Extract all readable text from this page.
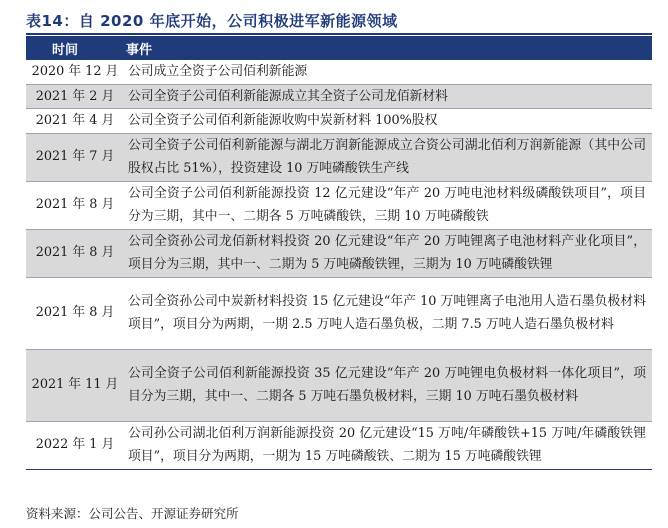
表14：自 2020 年底开始，公司积极进军新能源领域
时间	事件
2020 年 12 月	公司成立全资子公司佰利新能源
2021 年 2 月	公司全资子公司佰利新能源成立其全资子公司龙佰新材料
2021 年 4 月	公司全资子公司佰利新能源收购中炭新材料 100%股权
2021 年 7 月	公司全资子公司佰利新能源与湖北万润新能源成立合资公司湖北佰利万润新能源（其中公司股权占比 51%），投资建设 10 万吨磷酸铁生产线
2021 年 8 月	公司全资子公司佰利新能源投资 12 亿元建设“年产 20 万吨电池材料级磷酸铁项目”，项目分为三期，其中一、二期各 5 万吨磷酸铁，三期 10 万吨磷酸铁
2021 年 8 月	公司全资孙公司龙佰新材料投资 20 亿元建设“年产 20 万吨锂离子电池材料产业化项目”，项目分为三期，其中一、二期为 5 万吨磷酸铁锂，三期为 10 万吨磷酸铁锂
2021 年 8 月	公司全资孙公司中炭新材料投资 15 亿元建设“年产 10 万吨锂离子电池用人造石墨负极材料项目”，项目分为两期，一期 2.5 万吨人造石墨负极，二期 7.5 万吨人造石墨负极材料
2021 年 11 月	公司全资子公司佰利新能源投资 35 亿元建设“年产 20 万吨锂电负极材料一体化项目”，项目分为三期，其中一、二期各 5 万吨石墨负极材料，三期 10 万吨石墨负极材料
2022 年 1 月	公司孙公司湖北佰利万润新能源投资 20 亿元建设“15 万吨/年磷酸铁+15 万吨/年磷酸铁锂项目”，项目分为两期，一期为 15 万吨磷酸铁、二期为 15 万吨磷酸铁锂
资料来源：公司公告、开源证券研究所
